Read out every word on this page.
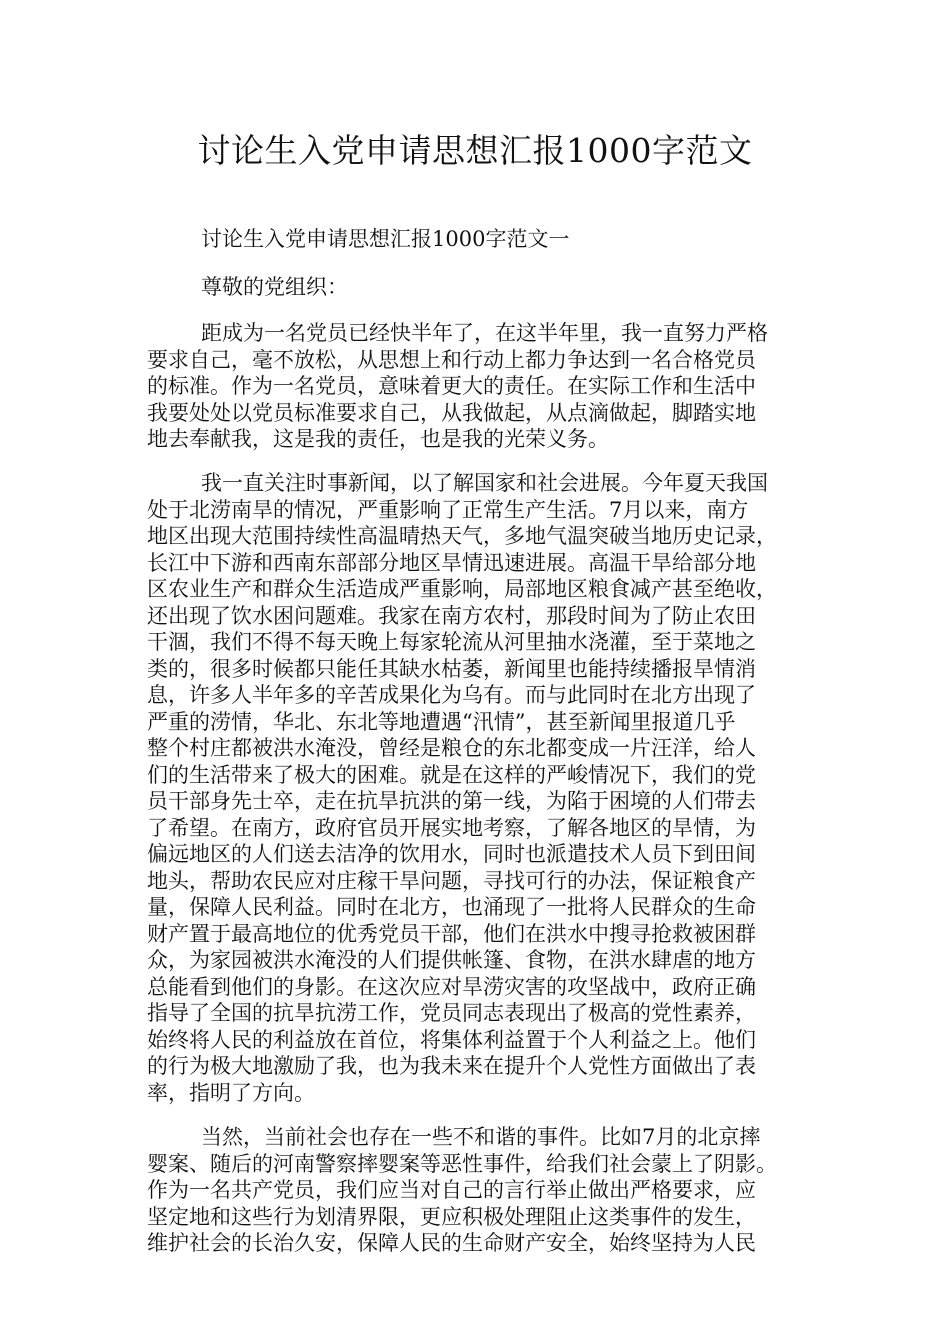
讨论生入党申请思想汇报1000字范文
讨论生入党申请思想汇报1000字范文一
尊敬的党组织：
距成为一名党员已经快半年了，在这半年里，我一直努力严格
要求自己，毫不放松，从思想上和行动上都力争达到一名合格党员
的标准。作为一名党员，意味着更大的责任。在实际工作和生活中
我要处处以党员标准要求自己，从我做起，从点滴做起，脚踏实地
地去奉献我，这是我的责任，也是我的光荣义务。
我一直关注时事新闻，以了解国家和社会进展。今年夏天我国
处于北涝南旱的情况，严重影响了正常生产生活。7月以来，南方
地区出现大范围持续性高温晴热天气，多地气温突破当地历史记录，
长江中下游和西南东部部分地区旱情迅速进展。高温干旱给部分地
区农业生产和群众生活造成严重影响，局部地区粮食减产甚至绝收，
还出现了饮水困问题难。我家在南方农村，那段时间为了防止农田
干涸，我们不得不每天晚上每家轮流从河里抽水浇灌，至于菜地之
类的，很多时候都只能任其缺水枯萎，新闻里也能持续播报旱情消
息，许多人半年多的辛苦成果化为乌有。而与此同时在北方出现了
严重的涝情，华北、东北等地遭遇“汛情”，甚至新闻里报道几乎
整个村庄都被洪水淹没，曾经是粮仓的东北都变成一片汪洋，给人
们的生活带来了极大的困难。就是在这样的严峻情况下，我们的党
员干部身先士卒，走在抗旱抗洪的第一线，为陷于困境的人们带去
了希望。在南方，政府官员开展实地考察，了解各地区的旱情，为
偏远地区的人们送去洁净的饮用水，同时也派遣技术人员下到田间
地头，帮助农民应对庄稼干旱问题，寻找可行的办法，保证粮食产
量，保障人民利益。同时在北方，也涌现了一批将人民群众的生命
财产置于最高地位的优秀党员干部，他们在洪水中搜寻抢救被困群
众，为家园被洪水淹没的人们提供帐篷、食物，在洪水肆虐的地方
总能看到他们的身影。在这次应对旱涝灾害的攻坚战中，政府正确
指导了全国的抗旱抗涝工作，党员同志表现出了极高的党性素养，
始终将人民的利益放在首位，将集体利益置于个人利益之上。他们
的行为极大地激励了我，也为我未来在提升个人党性方面做出了表
率，指明了方向。
当然，当前社会也存在一些不和谐的事件。比如7月的北京摔
婴案、随后的河南警察摔婴案等恶性事件，给我们社会蒙上了阴影。
作为一名共产党员，我们应当对自己的言行举止做出严格要求，应
坚定地和这些行为划清界限，更应积极处理阻止这类事件的发生，
维护社会的长治久安，保障人民的生命财产安全，始终坚持为人民
